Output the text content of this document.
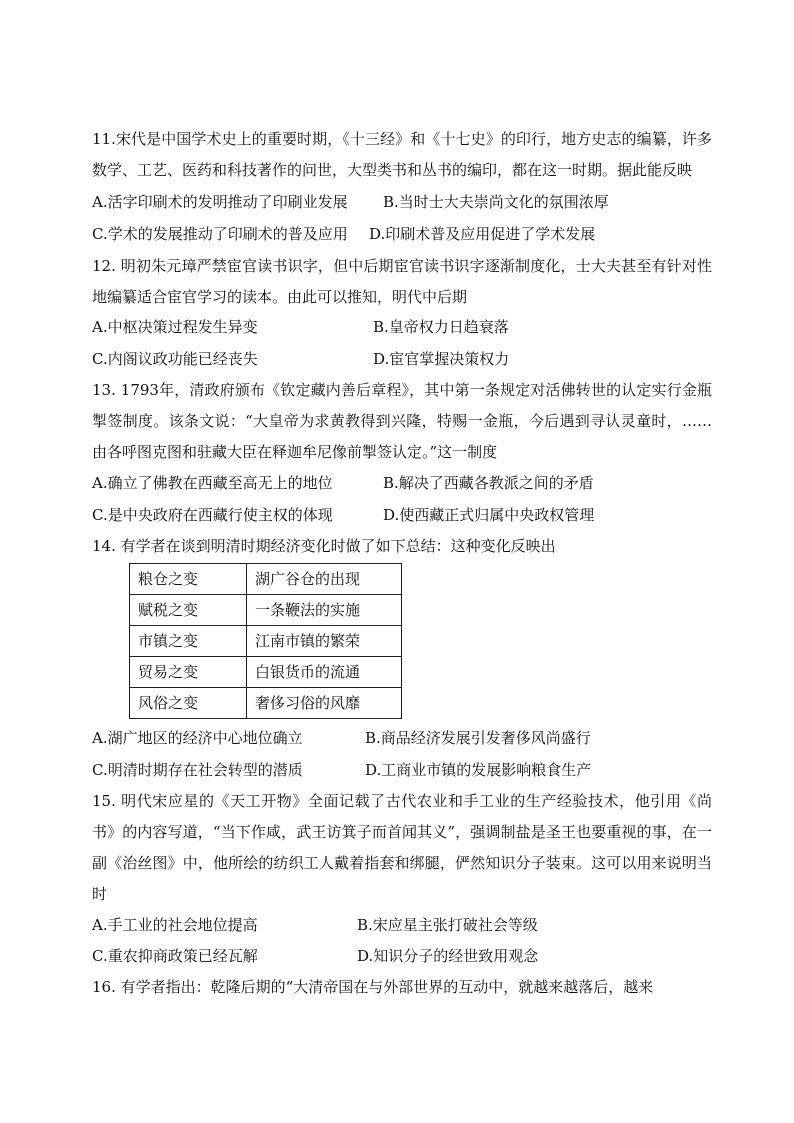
11.宋代是中国学术史上的重要时期，《十三经》和《十七史》的印行，地方史志的编纂，许多数学、工艺、医药和科技著作的问世，大型类书和丛书的编印，都在这一时期。据此能反映

A.活字印刷术的发明推动了印刷业发展 B.当时士大夫崇尚文化的氛围浓厚
C.学术的发展推动了印刷术的普及应用 D.印刷术普及应用促进了学术发展

12. 明初朱元璋严禁宦官读书识字，但中后期宦官读书识字逐渐制度化，士大夫甚至有针对性地编纂适合宦官学习的读本。由此可以推知，明代中后期

A.中枢决策过程发生异变	B.皇帝权力日趋衰落
C.内阁议政功能已经丧失	D.宦官掌握决策权力

13. 1793年，清政府颁布《钦定藏内善后章程》，其中第一条规定对活佛转世的认定实行金瓶掣签制度。该条文说：“大皇帝为求黄教得到兴隆，特赐一金瓶，今后遇到寻认灵童时，……由各呼图克图和驻藏大臣在释迦牟尼像前掣签认定。”这一制度

A.确立了佛教在西藏至高无上的地位	B.解决了西藏各教派之间的矛盾
C.是中央政府在西藏行使主权的体现	D.使西藏正式归属中央政权管理

14. 有学者在谈到明清时期经济变化时做了如下总结：这种变化反映出

粮仓之变	湖广谷仓的出现
赋税之变	一条鞭法的实施
市镇之变	江南市镇的繁荣
贸易之变	白银货币的流通
风俗之变	奢侈习俗的风靡
A.湖广地区的经济中心地位确立	B.商品经济发展引发奢侈风尚盛行
C.明清时期存在社会转型的潜质	D.工商业市镇的发展影响粮食生产

15. 明代宋应星的《天工开物》全面记载了古代农业和手工业的生产经验技术，他引用《尚书》的内容写道，“当下作咸，武王访箕子而首闻其义”，强调制盐是圣王也要重视的事，在一副《治丝图》中，他所绘的纺织工人戴着指套和绑腿，俨然知识分子装束。这可以用来说明当时

A.手工业的社会地位提高	B.宋应星主张打破社会等级
C.重农抑商政策已经瓦解	D.知识分子的经世致用观念

16. 有学者指出：乾隆后期的“大清帝国在与外部世界的互动中，就越来越落后，越来
